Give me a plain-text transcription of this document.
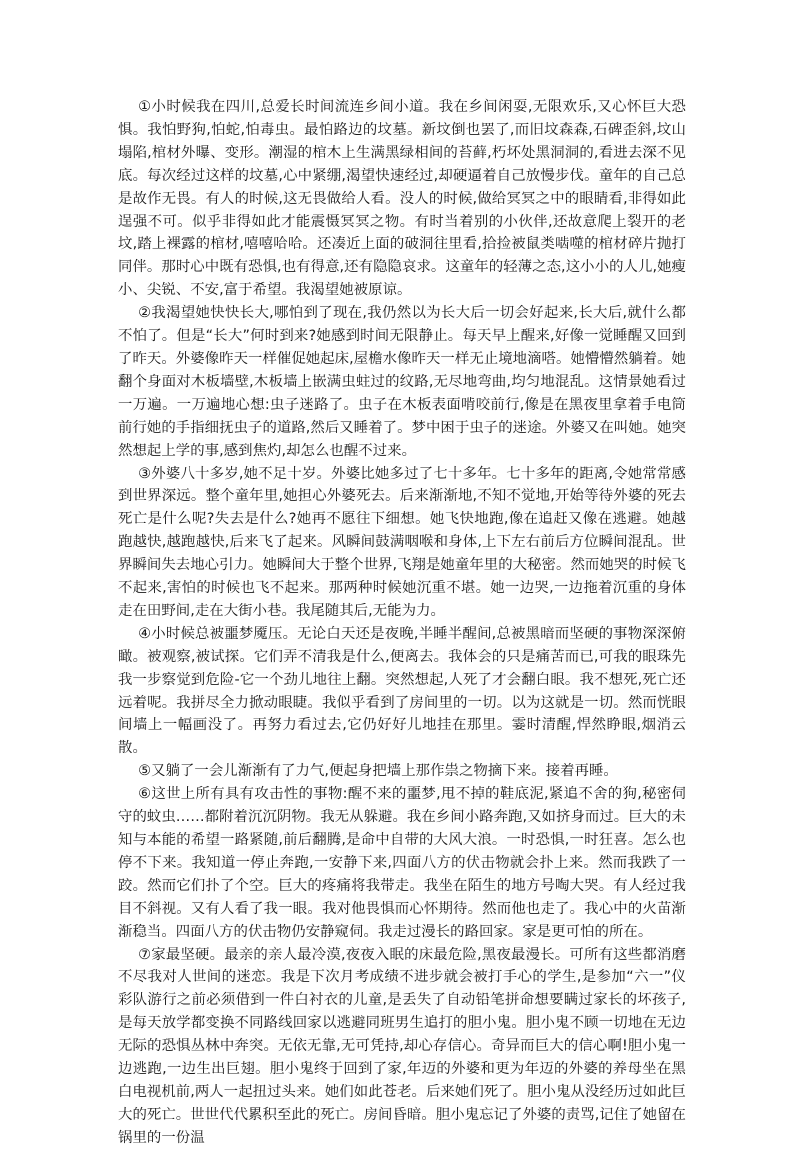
①小时候我在四川,总爱长时间流连乡间小道。我在乡间闲耍,无限欢乐,又心怀巨大恐惧。我怕野狗,怕蛇,怕毒虫。最怕路边的坟墓。新坟倒也罢了,而旧坟森森,石碑歪斜,坟山塌陷,棺材外曝、变形。潮湿的棺木上生满黑绿相间的苔藓,朽坏处黑洞洞的,看进去深不见底。每次经过这样的坟墓,心中紧绷,渴望快速经过,却硬逼着自己放慢步伐。童年的自己总是故作无畏。有人的时候,这无畏做给人看。没人的时候,做给冥冥之中的眼睛看,非得如此逞强不可。似乎非得如此才能震慑冥冥之物。有时当着别的小伙伴,还故意爬上裂开的老坟,踏上裸露的棺材,嘻嘻哈哈。还凑近上面的破洞往里看,拾捡被鼠类啮噬的棺材碎片抛打同伴。那时心中既有恐惧,也有得意,还有隐隐哀求。这童年的轻薄之态,这小小的人儿,她瘦小、尖锐、不安,富于希望。我渴望她被原谅。

②我渴望她快快长大,哪怕到了现在,我仍然以为长大后一切会好起来,长大后,就什么都不怕了。但是“长大”何时到来?她感到时间无限静止。每天早上醒来,好像一觉睡醒又回到了昨天。外婆像昨天一样催促她起床,屋檐水像昨天一样无止境地滴嗒。她懵懵然躺着。她翻个身面对木板墙壁,木板墙上嵌满虫蛀过的纹路,无尽地弯曲,均匀地混乱。这情景她看过一万遍。一万遍地心想:虫子迷路了。虫子在木板表面啃咬前行,像是在黑夜里拿着手电筒前行她的手指细抚虫子的道路,然后又睡着了。梦中困于虫子的迷途。外婆又在叫她。她突然想起上学的事,感到焦灼,却怎么也醒不过来。

③外婆八十多岁,她不足十岁。外婆比她多过了七十多年。七十多年的距离,令她常常感到世界深远。整个童年里,她担心外婆死去。后来渐渐地,不知不觉地,开始等待外婆的死去死亡是什么呢?失去是什么?她再不愿往下细想。她飞快地跑,像在追赶又像在逃避。她越跑越快,越跑越快,后来飞了起来。风瞬间鼓满咽喉和身体,上下左右前后方位瞬间混乱。世界瞬间失去地心引力。她瞬间大于整个世界,飞翔是她童年里的大秘密。然而她哭的时候飞不起来,害怕的时候也飞不起来。那两种时候她沉重不堪。她一边哭,一边拖着沉重的身体走在田野间,走在大街小巷。我尾随其后,无能为力。

④小时候总被噩梦魇压。无论白天还是夜晚,半睡半醒间,总被黑暗而坚硬的事物深深俯瞰。被观察,被试探。它们弄不清我是什么,便离去。我体会的只是痛苦而已,可我的眼珠先我一步察觉到危险-它一个劲儿地往上翻。突然想起,人死了才会翻白眼。我不想死,死亡还远着呢。我拼尽全力掀动眼睫。我似乎看到了房间里的一切。以为这就是一切。然而恍眼间墙上一幅画没了。再努力看过去,它仍好好儿地挂在那里。霎时清醒,悍然睁眼,烟消云散。

⑤又躺了一会儿渐渐有了力气,便起身把墙上那作祟之物摘下来。接着再睡。

⑥这世上所有具有攻击性的事物:醒不来的噩梦,甩不掉的鞋底泥,紧追不舍的狗,秘密伺守的蚊虫……都附着沉沉阴物。我无从躲避。我在乡间小路奔跑,又如挤身而过。巨大的未知与本能的希望一路紧随,前后翻腾,是命中自带的大风大浪。一时恐惧,一时狂喜。怎么也停不下来。我知道一停止奔跑,一安静下来,四面八方的伏击物就会扑上来。然而我跌了一跤。然而它们扑了个空。巨大的疼痛将我带走。我坐在陌生的地方号啕大哭。有人经过我目不斜视。又有人看了我一眼。我对他畏惧而心怀期待。然而他也走了。我心中的火苗渐渐稳当。四面八方的伏击物仍安静窥伺。我走过漫长的路回家。家是更可怕的所在。

⑦家最坚硬。最亲的亲人最冷漠,夜夜入眠的床最危险,黑夜最漫长。可所有这些都消磨不尽我对人世间的迷恋。我是下次月考成绩不进步就会被打手心的学生,是参加“六一”仪彩队游行之前必须借到一件白衬衣的儿童,是丢失了自动铅笔拼命想要瞒过家长的坏孩子,是每天放学都变换不同路线回家以逃避同班男生追打的胆小鬼。胆小鬼不顾一切地在无边无际的恐惧丛林中奔突。无依无靠,无可凭持,却心存信心。奇异而巨大的信心啊!胆小鬼一边逃跑,一边生出巨翅。胆小鬼终于回到了家,年迈的外婆和更为年迈的外婆的养母坐在黑白电视机前,两人一起扭过头来。她们如此苍老。后来她们死了。胆小鬼从没经历过如此巨大的死亡。世世代代累积至此的死亡。房间昏暗。胆小鬼忘记了外婆的责骂,记住了她留在锅里的一份温
